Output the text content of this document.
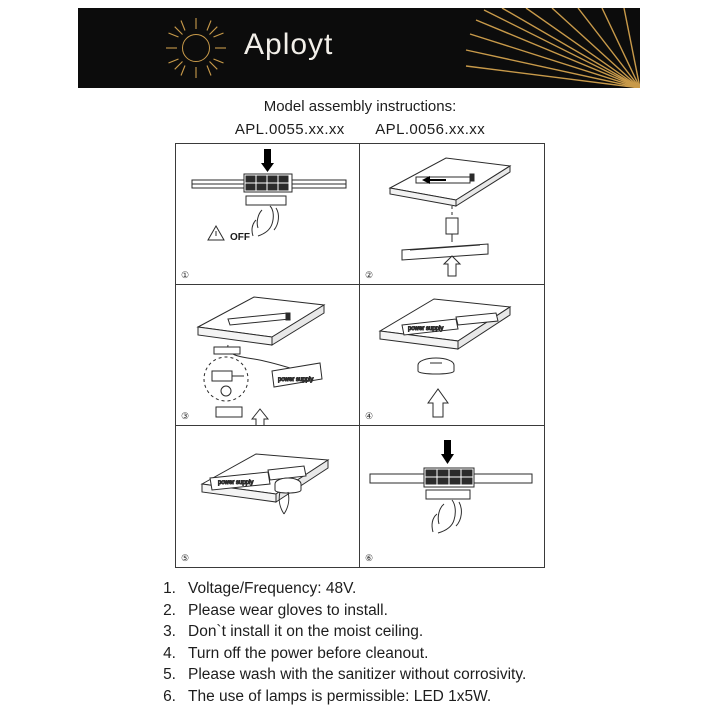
Aployt
Model assembly instructions:
APL.0055.xx.xx APL.0056.xx.xx
OFF
①	②
power supply
③
power supply
④
power supply
⑤	⑥
1. Voltage/Frequency: 48V.
2. Please wear gloves to install.
3. Don`t install it on the moist ceiling.
4. Turn off the power before cleanout.
5. Please wash with the sanitizer without corrosivity.
6. The use of lamps is permissible: LED 1x5W.
